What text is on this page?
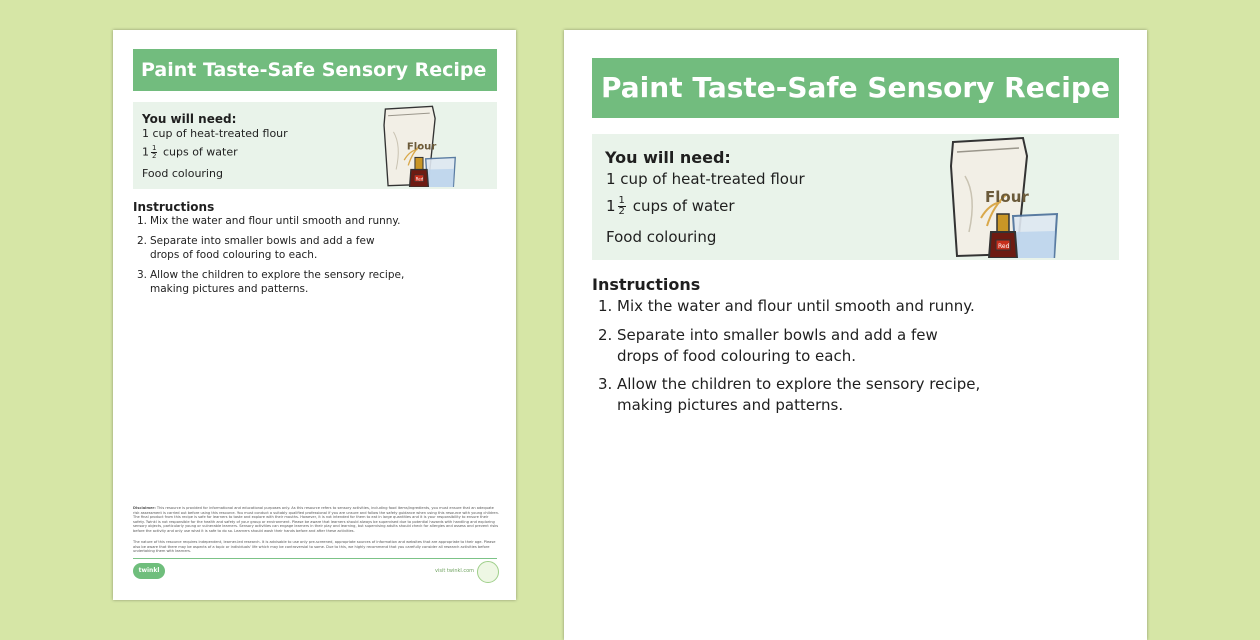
Paint Taste-Safe Sensory Recipe
You will need:
1 cup of heat-treated flour
$1 \frac{1}{2}$ cups of water
Food colouring
Flour
Red
Instructions
1. Mix the water and flour until smooth and runny.
2. Separate into smaller bowls and add a few
drops of food colouring to each.
3. Allow the children to explore the sensory recipe,
making pictures and patterns.
Disclaimer: This resource is provided for informational and educational purposes only. As this resource refers to sensory activities, including food items/ingredients, you must ensure that an adequate risk assessment is carried out before using this resource. You must conduct a suitably qualified professional if you are unsure and follow the safety guidance when using this resource with young children. The final product from this recipe is safe for learners to taste and explore with their mouths. However, it is not intended for them to eat in large quantities and it is your responsibility to ensure their safety. Twinkl is not responsible for the health and safety of your group or environment. Please be aware that learners should always be supervised due to potential hazards with handling and exploring sensory objects, particularly young or vulnerable learners. Sensory activities can engage learners in their play and learning, but supervising adults should check for allergies and assess and prevent risks before the activity and only use what it is safe to do so. Learners should wash their hands before and after these activities.
The nature of this resource requires independent, learner-led research. It is advisable to use only pre-screened, appropriate sources of information and websites that are appropriate to their age. Please also be aware that there may be aspects of a topic or individuals' life which may be controversial to some. Due to this, we highly recommend that you carefully consider all research activities before undertaking them with learners.
twinkl	visit twinkl.com
Paint Taste-Safe Sensory Recipe
You will need:
1 cup of heat-treated flour
$1 \frac{1}{2}$ cups of water
Food colouring
Flour
Red
Instructions
1. Mix the water and flour until smooth and runny.
2. Separate into smaller bowls and add a few
drops of food colouring to each.
3. Allow the children to explore the sensory recipe,
making pictures and patterns.
